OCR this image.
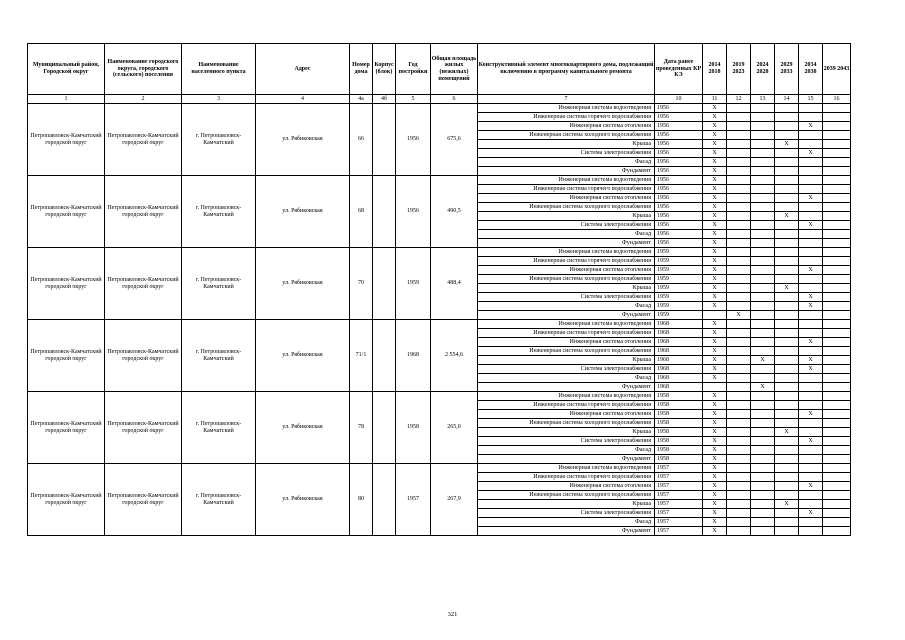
Муниципальный район, Городской округ	Наименование городского округа, городского (сельского) поселения	Наименование населенного пункта	Адрес	Номер дома	Корпус (блок)	Год постройки	Общая площадь жилых (нежилых) помещений	Конструктивный элемент многоквартирного дома, подлежащий включению в программу капитального ремонта	Дата ранее проведенных КР КЭ	2014 2018	2019 2023	2024 2028	2029 2033	2034 2038	2039 2043
1	2	3	4	4а	4б	5	6	7	10	11	12	13	14	15	16
Петропавловск-Камчатский городской округ	Петропавловск-Камчатский городской округ	г. Петропавловск-Камчатский	ул. Рябиковская	66		1956	675,6	Инженерная система водоотведения	1956	Х					
								Инженерная система горячего водоснабжения	1956	Х					
								Инженерная система отопления	1956	Х				Х	
								Инженерная система холодного водоснабжения	1956	Х					
								Крыша	1956	Х			Х		
								Система электроснабжения	1956	Х				Х	
								Фасад	1956	Х					
								Фундамент	1956	Х					
Петропавловск-Камчатский городской округ	Петропавловск-Камчатский городской округ	г. Петропавловск-Камчатский	ул. Рябиковская	68		1956	490,5	Инженерная система водоотведения	1956	Х					
								Инженерная система горячего водоснабжения	1956	Х					
								Инженерная система отопления	1956	Х				Х	
								Инженерная система холодного водоснабжения	1956	Х					
								Крыша	1956	Х			Х		
								Система электроснабжения	1956	Х				Х	
								Фасад	1956	Х					
								Фундамент	1956	Х					
Петропавловск-Камчатский городской округ	Петропавловск-Камчатский городской округ	г. Петропавловск-Камчатский	ул. Рябиковская	70		1959	488,4	Инженерная система водоотведения	1959	Х					
								Инженерная система горячего водоснабжения	1959	Х					
								Инженерная система отопления	1959	Х				Х	
								Инженерная система холодного водоснабжения	1959	Х					
								Крыша	1959	Х			Х		
								Система электроснабжения	1959	Х				Х	
								Фасад	1959	Х				Х	
								Фундамент	1959		Х				
Петропавловск-Камчатский городской округ	Петропавловск-Камчатский городской округ	г. Петропавловск-Камчатский	ул. Рябиковская	71/1		1968	2 554,6	Инженерная система водоотведения	1968	Х					
								Инженерная система горячего водоснабжения	1968	Х					
								Инженерная система отопления	1968	Х				Х	
								Инженерная система холодного водоснабжения	1968	Х					
								Крыша	1968	Х		Х		Х	
								Система электроснабжения	1968	Х				Х	
								Фасад	1968	Х					
								Фундамент	1968			Х			
Петропавловск-Камчатский городской округ	Петропавловск-Камчатский городской округ	г. Петропавловск-Камчатский	ул. Рябиковская	78		1958	265,0	Инженерная система водоотведения	1958	Х					
								Инженерная система горячего водоснабжения	1958	Х					
								Инженерная система отопления	1958	Х				Х	
								Инженерная система холодного водоснабжения	1958	Х					
								Крыша	1958	Х			Х		
								Система электроснабжения	1958	Х				Х	
								Фасад	1958	Х					
								Фундамент	1958	Х					
Петропавловск-Камчатский городской округ	Петропавловск-Камчатский городской округ	г. Петропавловск-Камчатский	ул. Рябиковская	80		1957	267,9	Инженерная система водоотведения	1957	Х					
								Инженерная система горячего водоснабжения	1957	Х					
								Инженерная система отопления	1957	Х				Х	
								Инженерная система холодного водоснабжения	1957	Х					
								Крыша	1957	Х			Х		
								Система электроснабжения	1957	Х				Х	
								Фасад	1957	Х					
								Фундамент	1957	Х					
321
